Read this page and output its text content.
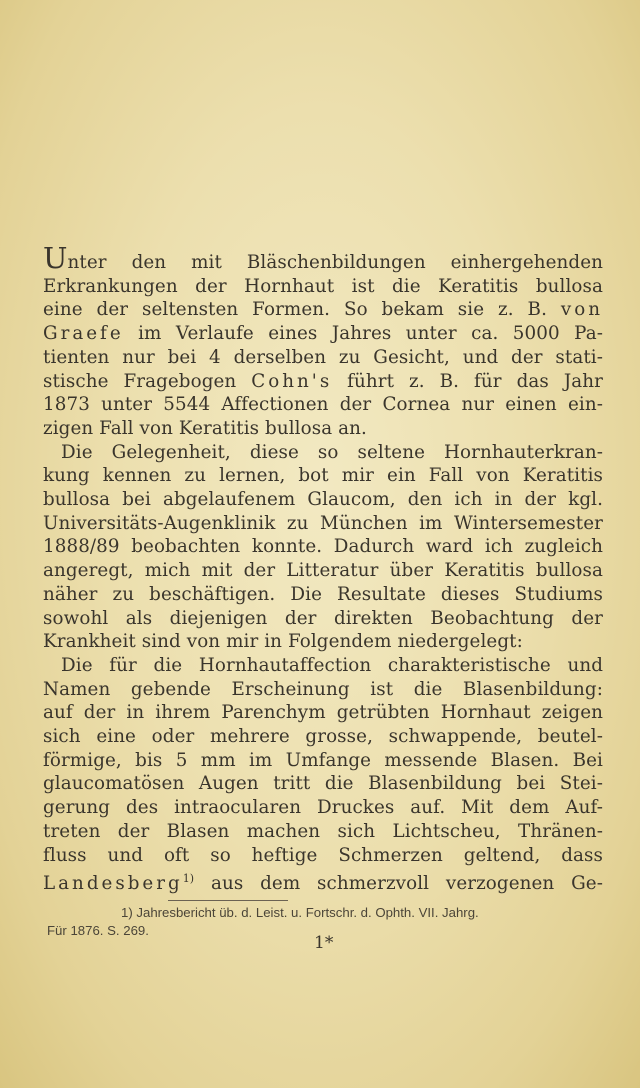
Unter den mit Bläschenbildungen einhergehenden
Erkrankungen der Hornhaut ist die Keratitis bullosa
eine der seltensten Formen. So bekam sie z. B. von
Graefe im Verlaufe eines Jahres unter ca. 5000 Pa-
tienten nur bei 4 derselben zu Gesicht, und der stati-
stische Fragebogen Cohn's führt z. B. für das Jahr
1873 unter 5544 Affectionen der Cornea nur einen ein-
zigen Fall von Keratitis bullosa an.
Die Gelegenheit, diese so seltene Hornhauterkran-
kung kennen zu lernen, bot mir ein Fall von Keratitis
bullosa bei abgelaufenem Glaucom, den ich in der kgl.
Universitäts-Augenklinik zu München im Wintersemester
1888/89 beobachten konnte. Dadurch ward ich zugleich
angeregt, mich mit der Litteratur über Keratitis bullosa
näher zu beschäftigen. Die Resultate dieses Studiums
sowohl als diejenigen der direkten Beobachtung der
Krankheit sind von mir in Folgendem niedergelegt:
Die für die Hornhautaffection charakteristische und
Namen gebende Erscheinung ist die Blasenbildung:
auf der in ihrem Parenchym getrübten Hornhaut zeigen
sich eine oder mehrere grosse, schwappende, beutel-
förmige, bis 5 mm im Umfange messende Blasen. Bei
glaucomatösen Augen tritt die Blasenbildung bei Stei-
gerung des intraocularen Druckes auf. Mit dem Auf-
treten der Blasen machen sich Lichtscheu, Thränen-
fluss und oft so heftige Schmerzen geltend, dass
Landesberg$^{1)}$ aus dem schmerzvoll verzogenen Ge-
1) Jahresbericht üb. d. Leist. u. Fortschr. d. Ophth. VII. Jahrg.
Für 1876. S. 269.
1*
